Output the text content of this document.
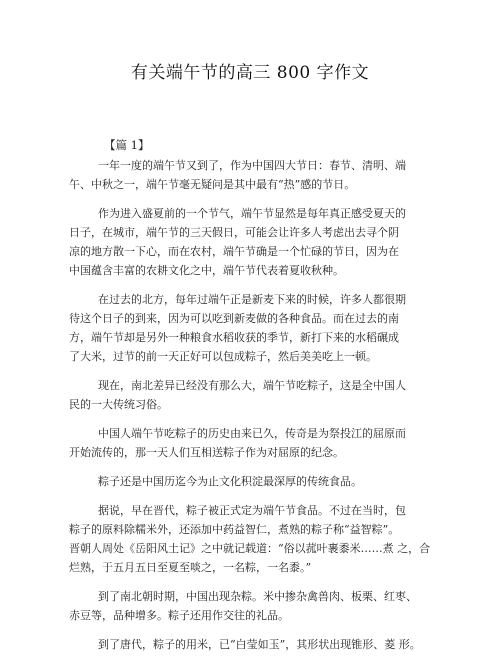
有关端午节的高三 800 字作文
【篇 1】
一年一度的端午节又到了，作为中国四大节日：春节、清明、端
午、中秋之一，端午节毫无疑问是其中最有“热”感的节日。
作为进入盛夏前的一个节气，端午节显然是每年真正感受夏天的
日子，在城市，端午节的三天假日，可能会让许多人考虑出去寻个阴
凉的地方散一下心，而在农村，端午节确是一个忙碌的节日，因为在
中国蕴含丰富的农耕文化之中，端午节代表着夏收秋种。
在过去的北方，每年过端午正是新麦下来的时候，许多人都很期
待这个日子的到来，因为可以吃到新麦做的各种食品。而在过去的南
方，端午节却是另外一种粮食水稻收获的季节，新打下来的水稻碾成
了大米，过节的前一天正好可以包成粽子，然后美美吃上一顿。
现在，南北差异已经没有那么大，端午节吃粽子，这是全中国人
民的一大传统习俗。
中国人端午节吃粽子的历史由来已久，传奇是为祭投江的屈原而
开始流传的，那一天人们互相送粽子作为对屈原的纪念。
粽子还是中国历迄今为止文化积淀最深厚的传统食品。
据说，早在晋代，粽子被正式定为端午节食品。不过在当时，包
粽子的原料除糯米外，还添加中药益智仁，煮熟的粽子称“益智粽”。
晋朝人周处《岳阳风土记》之中就记载道：“俗以菰叶裹黍米……煮 之，合
烂熟，于五月五日至夏至啖之，一名粽，一名黍。”
到了南北朝时期，中国出现杂粽。米中掺杂禽兽肉、板栗、红枣、
赤豆等，品种增多。粽子还用作交往的礼品。
到了唐代，粽子的用米，已“白莹如玉”，其形状出现锥形、菱 形。
